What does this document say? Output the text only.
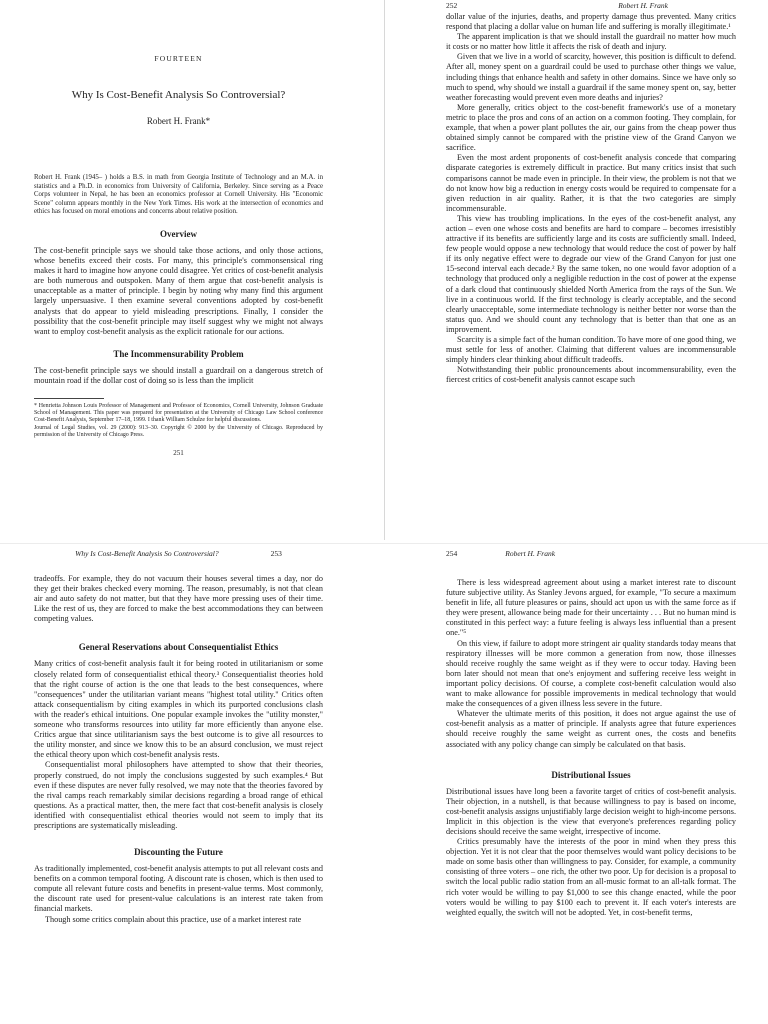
FOURTEEN
Why Is Cost-Benefit Analysis So Controversial?
Robert H. Frank*

Robert H. Frank (1945– ) holds a B.S. in math from Georgia Institute of Technology and an M.A. in statistics and a Ph.D. in economics from University of California, Berkeley. Since serving as a Peace Corps volunteer in Nepal, he has been an economics professor at Cornell University. His "Economic Scene" column appears monthly in the New York Times. His work at the intersection of economics and ethics has focused on moral emotions and concerns about relative position.

Overview

The cost-benefit principle says we should take those actions, and only those actions, whose benefits exceed their costs. For many, this principle's commonsensical ring makes it hard to imagine how anyone could disagree. Yet critics of cost-benefit analysis are both numerous and outspoken. Many of them argue that cost-benefit analysis is unacceptable as a matter of principle. I begin by noting why many find this argument largely unpersuasive. I then examine several conventions adopted by cost-benefit analysts that do appear to yield misleading prescriptions. Finally, I consider the possibility that the cost-benefit principle may itself suggest why we might not always want to employ cost-benefit analysis as the explicit rationale for our actions.

The Incommensurability Problem

The cost-benefit principle says we should install a guardrail on a dangerous stretch of mountain road if the dollar cost of doing so is less than the implicit

* Henrietta Johnson Louis Professor of Management and Professor of Economics, Cornell University, Johnson Graduate School of Management. This paper was prepared for presentation at the University of Chicago Law School conference Cost-Benefit Analysis, September 17–18, 1999. I thank William Schulze for helpful discussions.

Journal of Legal Studies, vol. 29 (2000): 913–30. Copyright © 2000 by the University of Chicago. Reproduced by permission of the University of Chicago Press.

251
252	Robert H. Frank

dollar value of the injuries, deaths, and property damage thus prevented. Many critics respond that placing a dollar value on human life and suffering is morally illegitimate.¹

The apparent implication is that we should install the guardrail no matter how much it costs or no matter how little it affects the risk of death and injury.

Given that we live in a world of scarcity, however, this position is difficult to defend. After all, money spent on a guardrail could be used to purchase other things we value, including things that enhance health and safety in other domains. Since we have only so much to spend, why should we install a guardrail if the same money spent on, say, better weather forecasting would prevent even more deaths and injuries?

More generally, critics object to the cost-benefit framework's use of a monetary metric to place the pros and cons of an action on a common footing. They complain, for example, that when a power plant pollutes the air, our gains from the cheap power thus obtained simply cannot be compared with the pristine view of the Grand Canyon we sacrifice.

Even the most ardent proponents of cost-benefit analysis concede that comparing disparate categories is extremely difficult in practice. But many critics insist that such comparisons cannot be made even in principle. In their view, the problem is not that we do not know how big a reduction in energy costs would be required to compensate for a given reduction in air quality. Rather, it is that the two categories are simply incommensurable.

This view has troubling implications. In the eyes of the cost-benefit analyst, any action – even one whose costs and benefits are hard to compare – becomes irresistibly attractive if its benefits are sufficiently large and its costs are sufficiently small. Indeed, few people would oppose a new technology that would reduce the cost of power by half if its only negative effect were to degrade our view of the Grand Canyon for just one 15-second interval each decade.² By the same token, no one would favor adoption of a technology that produced only a negligible reduction in the cost of power at the expense of a dark cloud that continuously shielded North America from the rays of the Sun. We live in a continuous world. If the first technology is clearly acceptable, and the second clearly unacceptable, some intermediate technology is neither better nor worse than the status quo. And we should count any technology that is better than that one as an improvement.

Scarcity is a simple fact of the human condition. To have more of one good thing, we must settle for less of another. Claiming that different values are incommensurable simply hinders clear thinking about difficult tradeoffs.

Notwithstanding their public pronouncements about incommensurability, even the fiercest critics of cost-benefit analysis cannot escape such

Why Is Cost-Benefit Analysis So Controversial?	253

tradeoffs. For example, they do not vacuum their houses several times a day, nor do they get their brakes checked every morning. The reason, presumably, is not that clean air and auto safety do not matter, but that they have more pressing uses of their time. Like the rest of us, they are forced to make the best accommodations they can between competing values.

General Reservations about Consequentialist Ethics

Many critics of cost-benefit analysis fault it for being rooted in utilitarianism or some closely related form of consequentialist ethical theory.³ Consequentialist theories hold that the right course of action is the one that leads to the best consequences, where "consequences" under the utilitarian variant means "highest total utility." Critics often attack consequentialism by citing examples in which its purported conclusions clash with the reader's ethical intuitions. One popular example invokes the "utility monster," someone who transforms resources into utility far more efficiently than anyone else. Critics argue that since utilitarianism says the best outcome is to give all resources to the utility monster, and since we know this to be an absurd conclusion, we must reject the ethical theory upon which cost-benefit analysis rests.

Consequentialist moral philosophers have attempted to show that their theories, properly construed, do not imply the conclusions suggested by such examples.⁴ But even if these disputes are never fully resolved, we may note that the theories favored by the rival camps reach remarkably similar decisions regarding a broad range of ethical questions. As a practical matter, then, the mere fact that cost-benefit analysis is closely identified with consequentialist ethical theories would not seem to imply that its prescriptions are systematically misleading.

Discounting the Future

As traditionally implemented, cost-benefit analysis attempts to put all relevant costs and benefits on a common temporal footing. A discount rate is chosen, which is then used to compute all relevant future costs and benefits in present-value terms. Most commonly, the discount rate used for present-value calculations is an interest rate taken from financial markets.

Though some critics complain about this practice, use of a market interest rate

254	Robert H. Frank

There is less widespread agreement about using a market interest rate to discount future subjective utility. As Stanley Jevons argued, for example, "To secure a maximum benefit in life, all future pleasures or pains, should act upon us with the same force as if they were present, allowance being made for their uncertainty . . . But no human mind is constituted in this perfect way: a future feeling is always less influential than a present one."⁵

On this view, if failure to adopt more stringent air quality standards today means that respiratory illnesses will be more common a generation from now, those illnesses should receive roughly the same weight as if they were to occur today. Having been born later should not mean that one's enjoyment and suffering receive less weight in important policy decisions. Of course, a complete cost-benefit calculation would also want to make allowance for possible improvements in medical technology that would make the consequences of a given illness less severe in the future.

Whatever the ultimate merits of this position, it does not argue against the use of cost-benefit analysis as a matter of principle. If analysts agree that future experiences should receive roughly the same weight as current ones, the costs and benefits associated with any policy change can simply be calculated on that basis.

Distributional Issues

Distributional issues have long been a favorite target of critics of cost-benefit analysis. Their objection, in a nutshell, is that because willingness to pay is based on income, cost-benefit analysis assigns unjustifiably large decision weight to high-income persons. Implicit in this objection is the view that everyone's preferences regarding policy decisions should receive the same weight, irrespective of income.

Critics presumably have the interests of the poor in mind when they press this objection. Yet it is not clear that the poor themselves would want policy decisions to be made on some basis other than willingness to pay. Consider, for example, a community consisting of three voters – one rich, the other two poor. Up for decision is a proposal to switch the local public radio station from an all-music format to an all-talk format. The rich voter would be willing to pay $1,000 to see this change enacted, while the poor voters would be willing to pay $100 each to prevent it. If each voter's interests are weighted equally, the switch will not be adopted. Yet, in cost-benefit terms,
